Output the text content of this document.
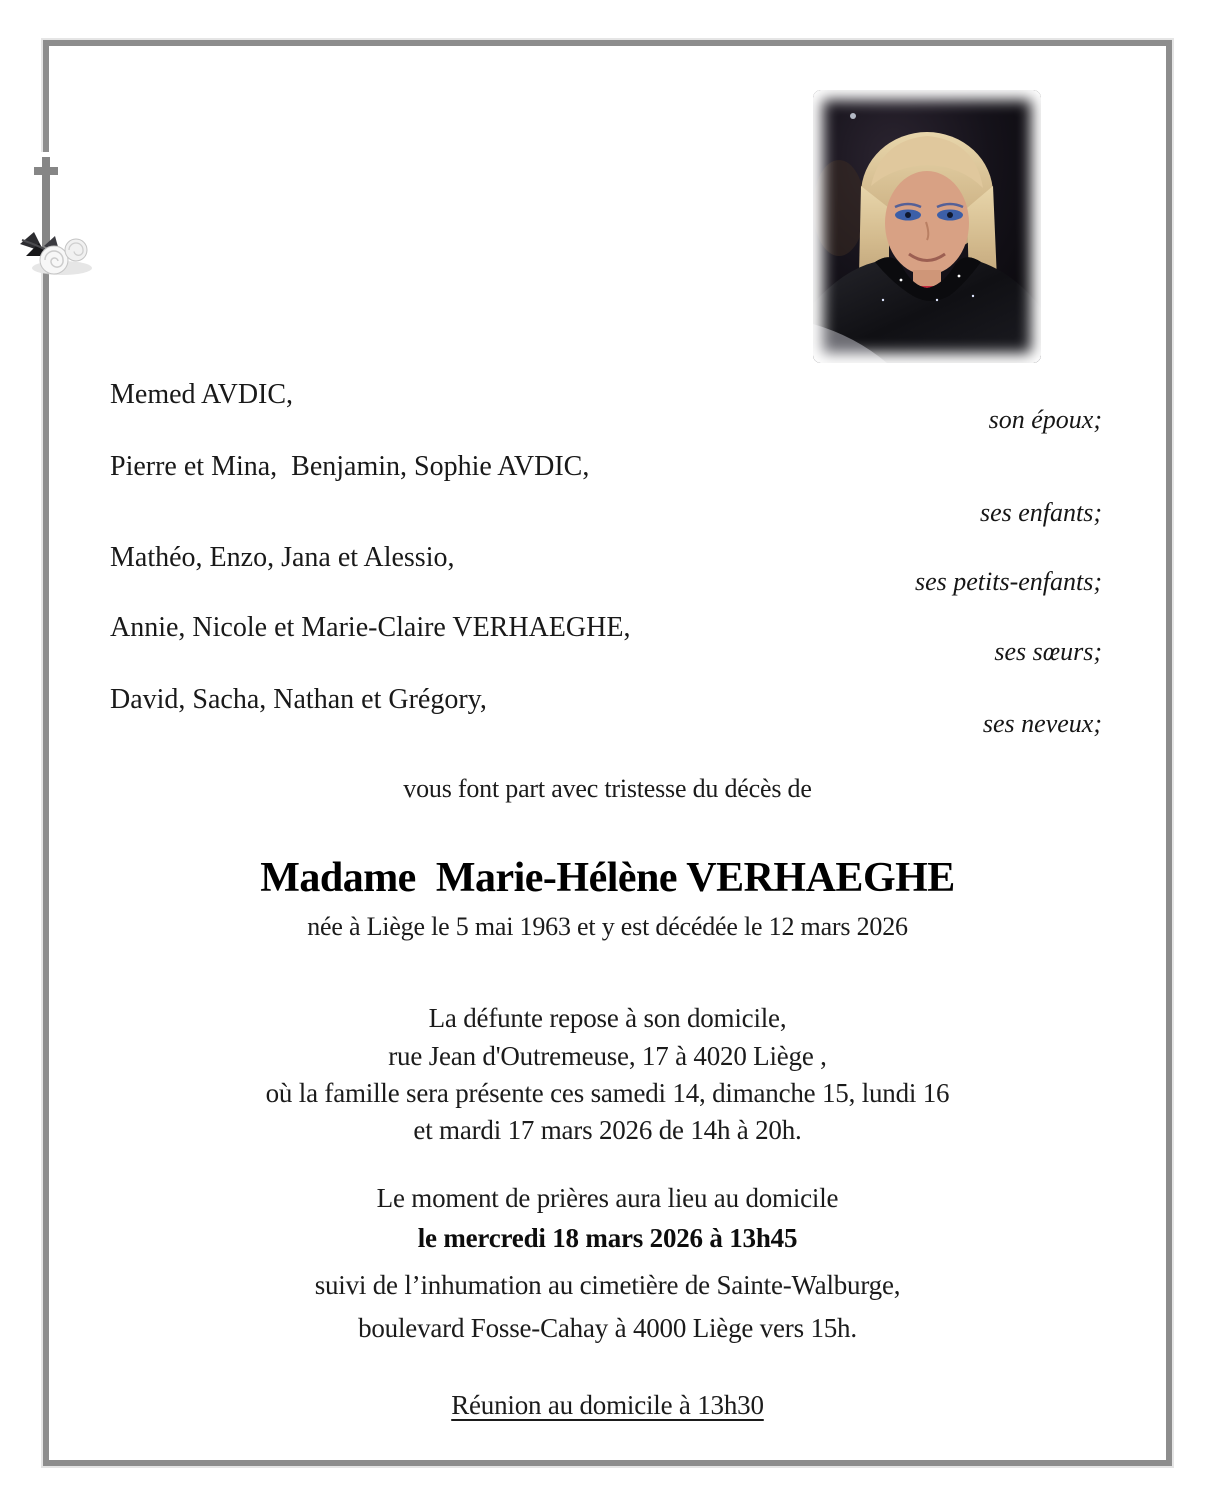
Memed AVDIC,
son époux;
Pierre et Mina,  Benjamin, Sophie AVDIC,
ses enfants;
Mathéo, Enzo, Jana et Alessio,
ses petits-enfants;
Annie, Nicole et Marie-Claire VERHAEGHE,
ses sœurs;
David, Sacha, Nathan et Grégory,
ses neveux;
vous font part avec tristesse du décès de
Madame  Marie-Hélène VERHAEGHE
née à Liège le 5 mai 1963 et y est décédée le 12 mars 2026
La défunte repose à son domicile,
rue Jean d'Outremeuse, 17 à 4020 Liège ,
où la famille sera présente ces samedi 14, dimanche 15, lundi 16
et mardi 17 mars 2026 de 14h à 20h.
Le moment de prières aura lieu au domicile
le mercredi 18 mars 2026 à 13h45
suivi de l’inhumation au cimetière de Sainte-Walburge,
boulevard Fosse-Cahay à 4000 Liège vers 15h.
Réunion au domicile à 13h30
